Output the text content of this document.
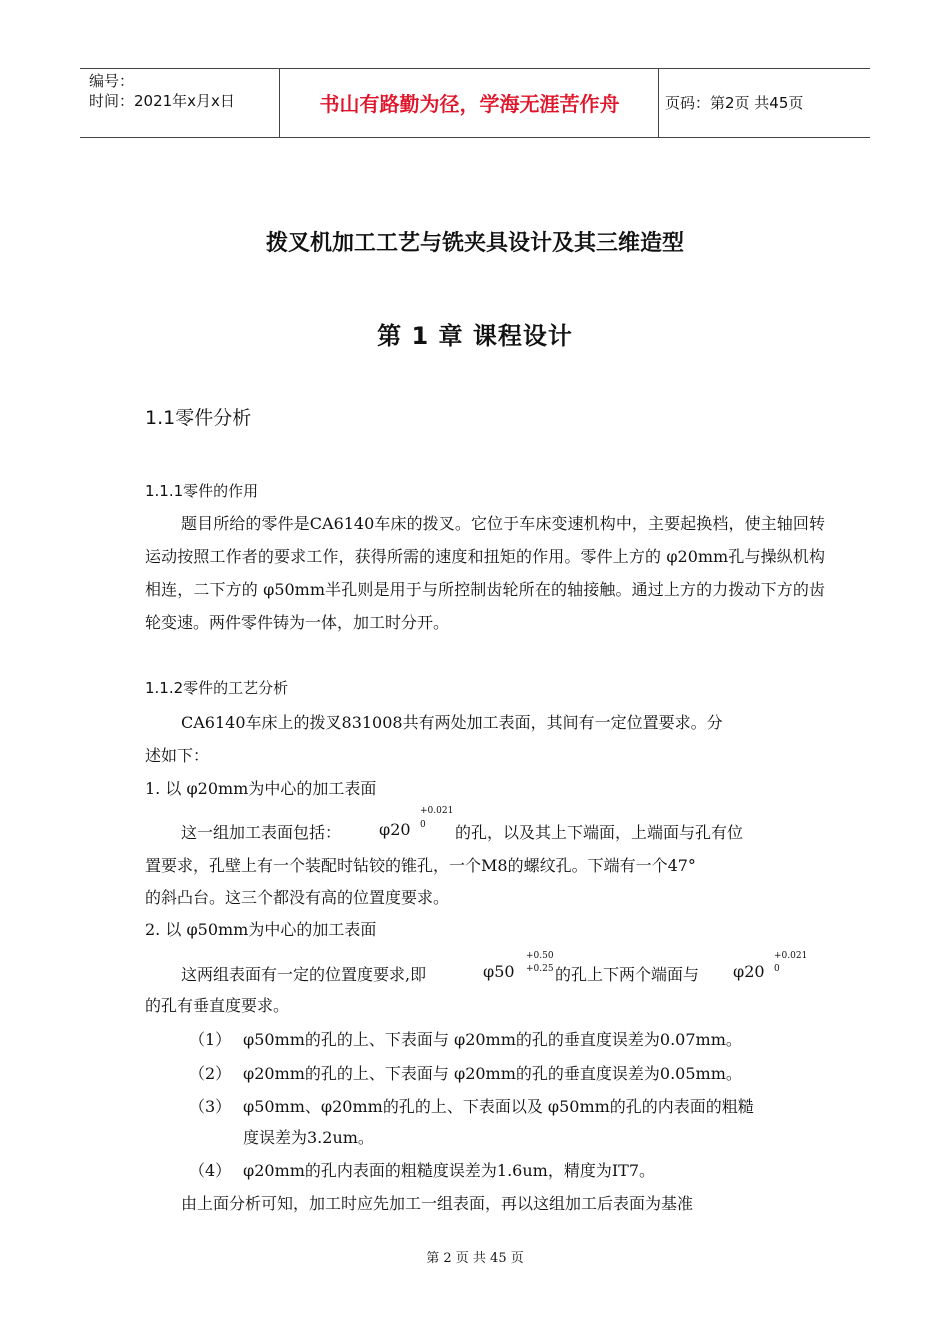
编号：
时间：2021年x月x日	书山有路勤为径，学海无涯苦作舟	页码：第2页 共45页
拨叉机加工工艺与铣夹具设计及其三维造型
第 1 章 课程设计
1.1零件分析
1.1.1零件的作用
题目所给的零件是CA6140车床的拨叉。它位于车床变速机构中，主要起换档，使主轴回转运动按照工作者的要求工作，获得所需的速度和扭矩的作用。零件上方的 φ20mm孔与操纵机构相连，二下方的 φ50mm半孔则是用于与所控制齿轮所在的轴接触。通过上方的力拨动下方的齿轮变速。两件零件铸为一体，加工时分开。
1.1.2零件的工艺分析
CA6140车床上的拨叉831008共有两处加工表面，其间有一定位置要求。分
述如下：
1. 以 φ20mm为中心的加工表面
这一组加工表面包括： φ20
+0.021
0 的孔，以及其上下端面，上端面与孔有位
置要求，孔壁上有一个装配时钻铰的锥孔，一个M8的螺纹孔。下端有一个47°
的斜凸台。这三个都没有高的位置度要求。
2. 以 φ50mm为中心的加工表面
这两组表面有一定的位置度要求,即	φ50
+0.50
+0.25 的孔上下两个端面与 φ20
+0.021
0
的孔有垂直度要求。
（1） φ50mm的孔的上、下表面与 φ20mm的孔的垂直度误差为0.07mm。
（2） φ20mm的孔的上、下表面与 φ20mm的孔的垂直度误差为0.05mm。
（3） φ50mm、φ20mm的孔的上、下表面以及 φ50mm的孔的内表面的粗糙
度误差为3.2um。
（4） φ20mm的孔内表面的粗糙度误差为1.6um，精度为IT7。
由上面分析可知，加工时应先加工一组表面，再以这组加工后表面为基准
第 2 页 共 45 页
